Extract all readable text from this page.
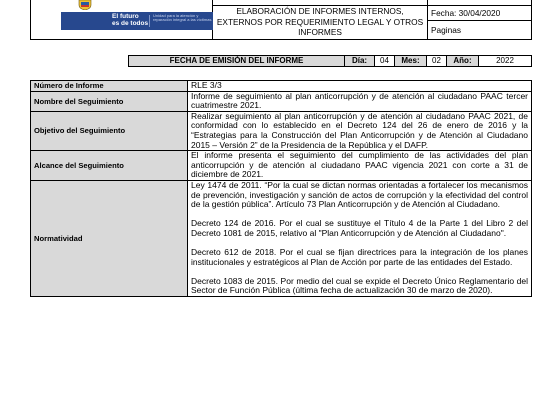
El futuro
es de todos
Unidad para la atención y reparación integral a las víctimas
ELABORACIÓN DE INFORMES INTERNOS, EXTERNOS POR REQUERIMIENTO LEGAL Y OTROS INFORMES
Fecha: 30/04/2020
Paginas
FECHA DE EMISIÓN DEL INFORME	Día:	04	Mes:	02	Año:	2022
Número de Informe	RLE 3/3

Nombre del Seguimiento	Informe de seguimiento al plan anticorrupción y de atención al ciudadano PAAC tercer cuatrimestre 2021.

Objetivo del Seguimiento	Realizar seguimiento al plan anticorrupción y de atención al ciudadano PAAC 2021, de conformidad con lo establecido en el Decreto 124 del 26 de enero de 2016 y la “Estrategias para la Construcción del Plan Anticorrupción y de Atención al Ciudadano 2015 – Versión 2” de la Presidencia de la República y el DAFP.

Alcance del Seguimiento	El informe presenta el seguimiento del cumplimiento de las actividades del plan anticorrupción y de atención al ciudadano PAAC vigencia 2021 con corte a 31 de diciembre de 2021.

Normatividad	Ley 1474 de 2011. “Por la cual se dictan normas orientadas a fortalecer los mecanismos de prevención, investigación y sanción de actos de corrupción y la efectividad del control de la gestión pública”. Artículo 73 Plan Anticorrupción y de Atención al Ciudadano.

Decreto 124 de 2016. Por el cual se sustituye el Título 4 de la Parte 1 del Libro 2 del Decreto 1081 de 2015, relativo al "Plan Anticorrupción y de Atención al Ciudadano".

Decreto 612 de 2018. Por el cual se fijan directrices para la integración de los planes institucionales y estratégicos al Plan de Acción por parte de las entidades del Estado.

Decreto 1083 de 2015. Por medio del cual se expide el Decreto Único Reglamentario del Sector de Función Pública (última fecha de actualización 30 de marzo de 2020).
